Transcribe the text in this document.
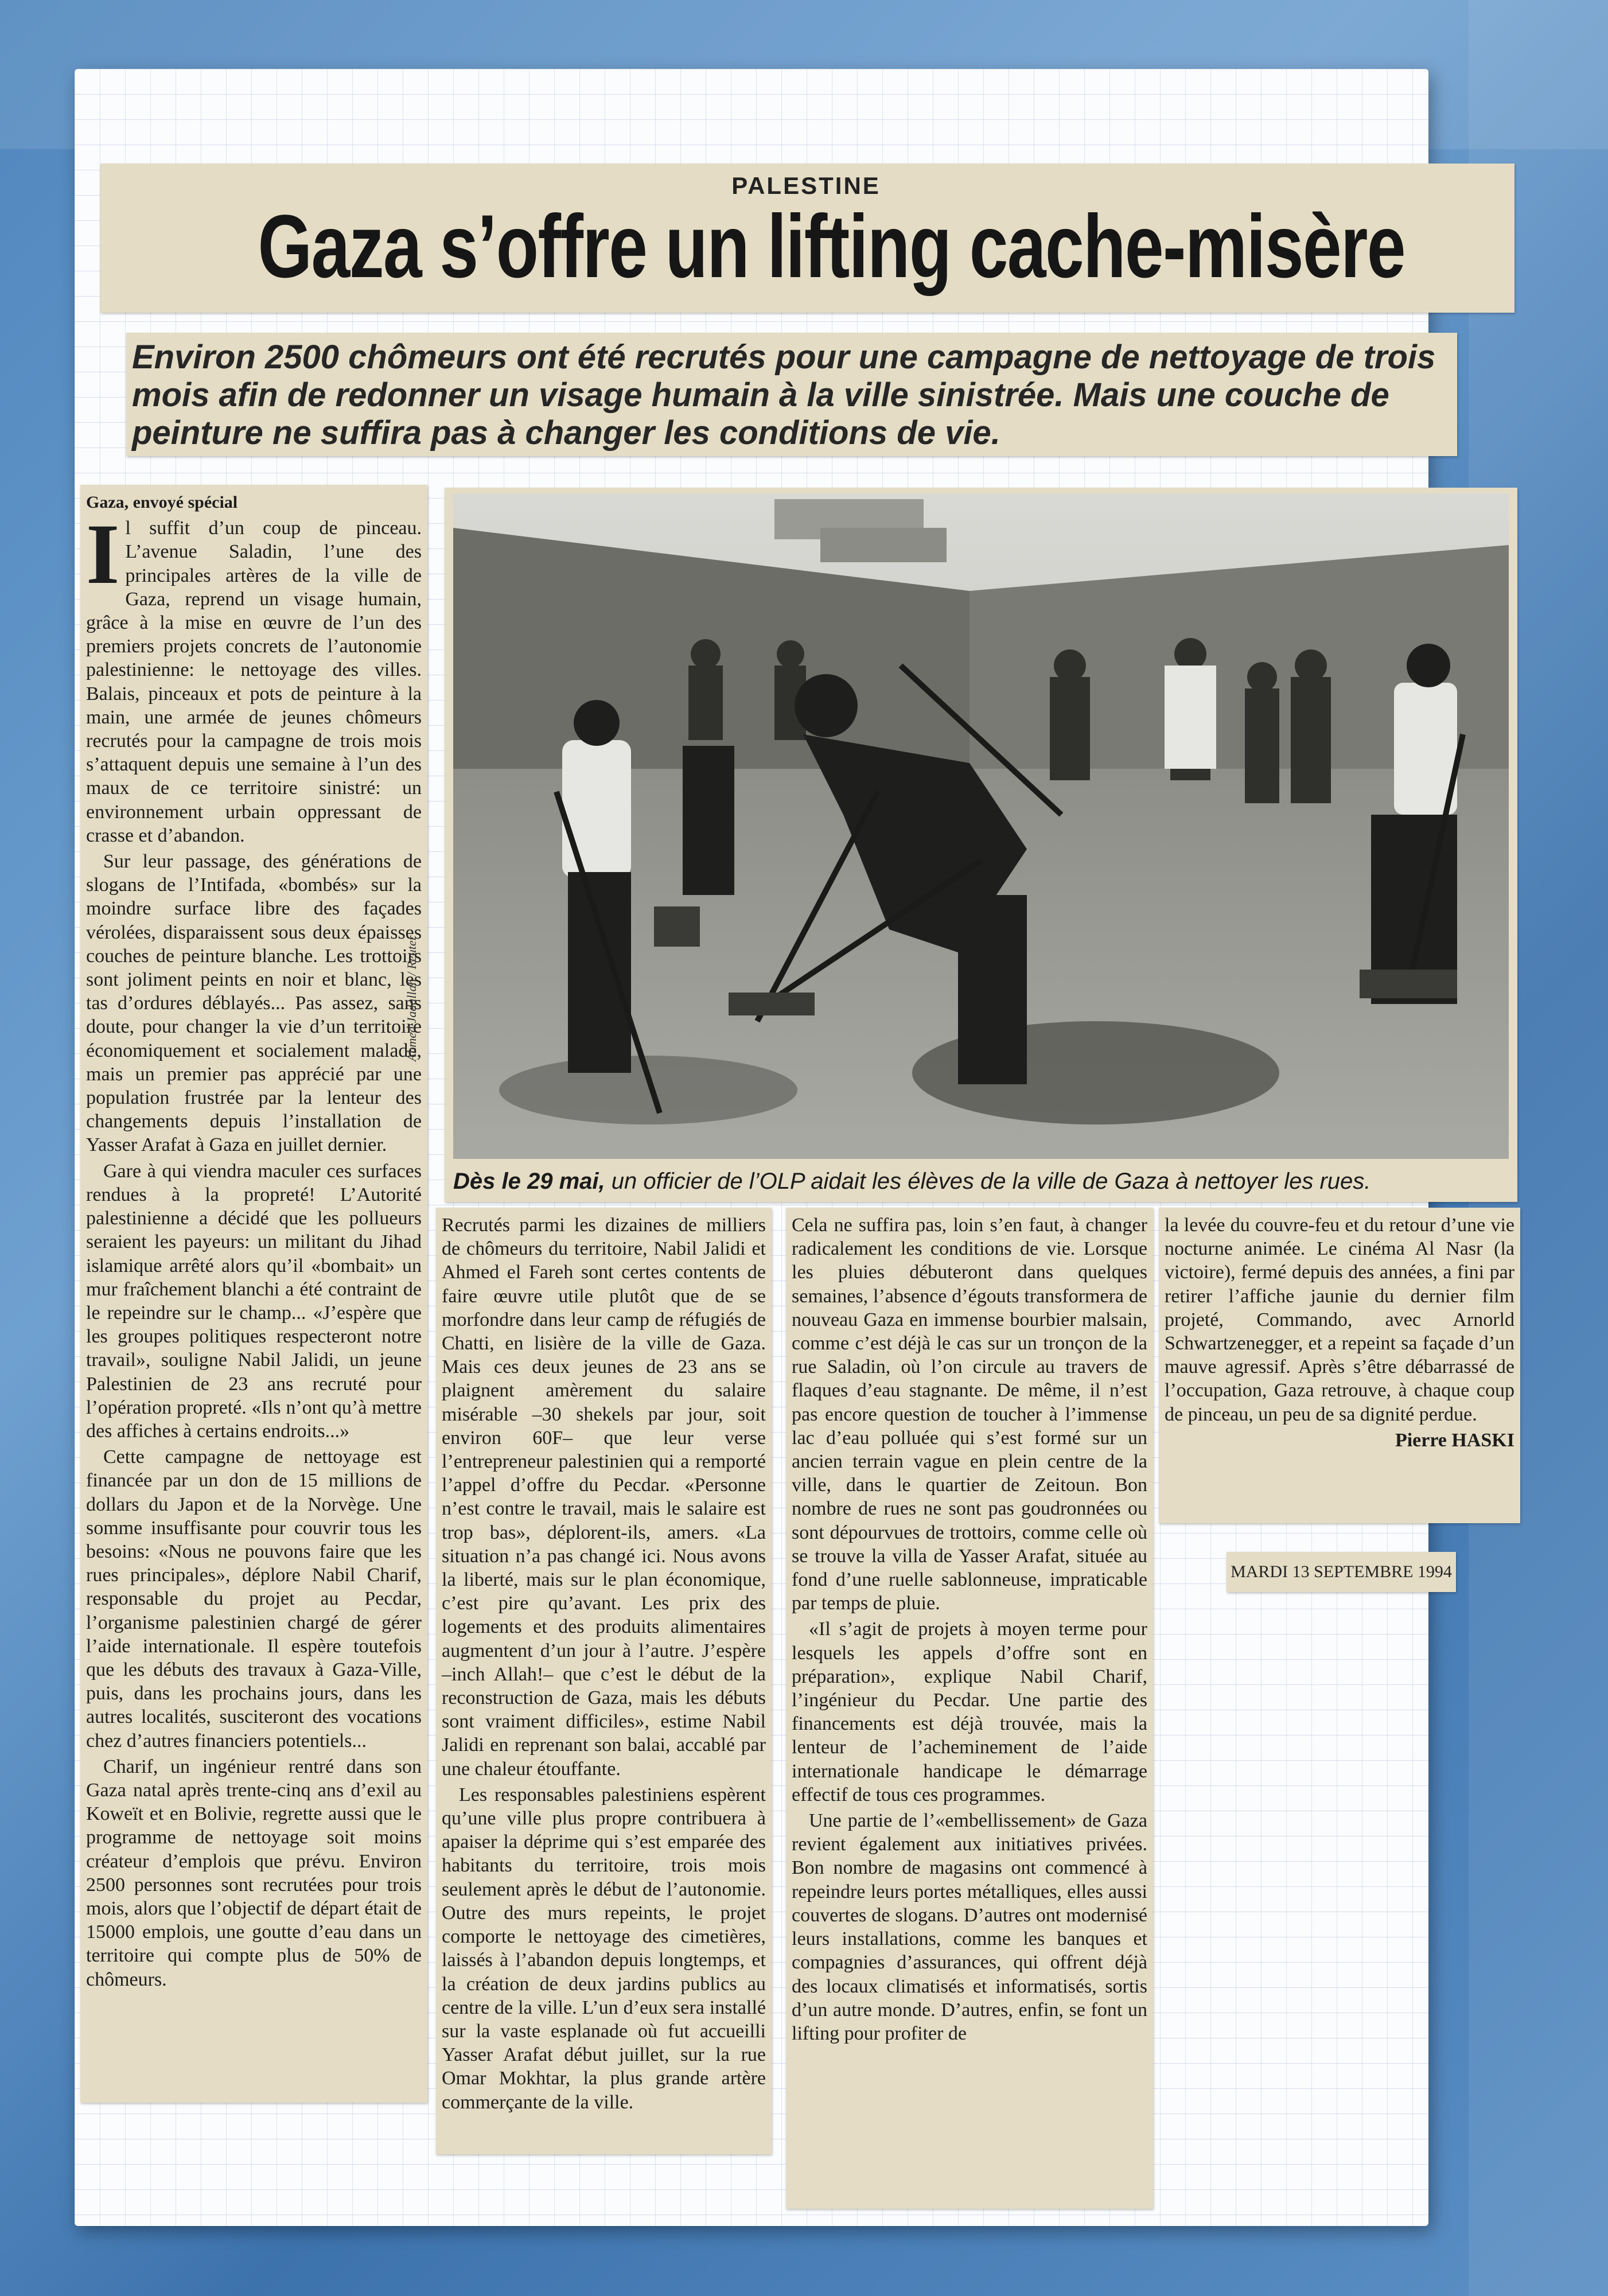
PALESTINE
Gaza s’offre un lifting cache-misère

Environ 2500 chômeurs ont été recrutés pour une campagne de nettoyage de trois mois afin de redonner un visage humain à la ville sinistrée. Mais une couche de peinture ne suffira pas à changer les conditions de vie.

Gaza, envoyé spécial

Il suffit d’un coup de pinceau. L’avenue Saladin, l’une des principales artères de la ville de Gaza, reprend un visage humain, grâce à la mise en œuvre de l’un des premiers projets concrets de l’autonomie palestinienne: le nettoyage des villes. Balais, pinceaux et pots de peinture à la main, une armée de jeunes chômeurs recrutés pour la campagne de trois mois s’attaquent depuis une semaine à l’un des maux de ce territoire sinistré: un environnement urbain oppressant de crasse et d’abandon.

Sur leur passage, des générations de slogans de l’Intifada, «bombés» sur la moindre surface libre des façades vérolées, disparaissent sous deux épaisses couches de peinture blanche. Les trottoirs sont joliment peints en noir et blanc, les tas d’ordures déblayés... Pas assez, sans doute, pour changer la vie d’un territoire économiquement et socialement malade, mais un premier pas apprécié par une population frustrée par la lenteur des changements depuis l’installation de Yasser Arafat à Gaza en juillet dernier.

Gare à qui viendra maculer ces surfaces rendues à la propreté! L’Autorité palestinienne a décidé que les pollueurs seraient les payeurs: un militant du Jihad islamique arrêté alors qu’il «bombait» un mur fraîchement blanchi a été contraint de le repeindre sur le champ... «J’espère que les groupes politiques respecteront notre travail», souligne Nabil Jalidi, un jeune Palestinien de 23 ans recruté pour l’opération propreté. «Ils n’ont qu’à mettre des affiches à certains endroits...»

Cette campagne de nettoyage est financée par un don de 15 millions de dollars du Japon et de la Norvège. Une somme insuffisante pour couvrir tous les besoins: «Nous ne pouvons faire que les rues principales», déplore Nabil Charif, responsable du projet au Pecdar, l’organisme palestinien chargé de gérer l’aide internationale. Il espère toutefois que les débuts des travaux à Gaza-Ville, puis, dans les prochains jours, dans les autres localités, susciteront des vocations chez d’autres financiers potentiels...

Charif, un ingénieur rentré dans son Gaza natal après trente-cinq ans d’exil au Koweït et en Bolivie, regrette aussi que le programme de nettoyage soit moins créateur d’emplois que prévu. Environ 2500 personnes sont recrutées pour trois mois, alors que l’objectif de départ était de 15000 emplois, une goutte d’eau dans un territoire qui compte plus de 50% de chômeurs.

Ahmed Jadallah / Reuter

Dès le 29 mai, un officier de l’OLP aidait les élèves de la ville de Gaza à nettoyer les rues.

Recrutés parmi les dizaines de milliers de chômeurs du territoire, Nabil Jalidi et Ahmed el Fareh sont certes contents de faire œuvre utile plutôt que de se morfondre dans leur camp de réfugiés de Chatti, en lisière de la ville de Gaza. Mais ces deux jeunes de 23 ans se plaignent amèrement du salaire misérable –30 shekels par jour, soit environ 60F– que leur verse l’entrepreneur palestinien qui a remporté l’appel d’offre du Pecdar. «Personne n’est contre le travail, mais le salaire est trop bas», déplorent-ils, amers. «La situation n’a pas changé ici. Nous avons la liberté, mais sur le plan économique, c’est pire qu’avant. Les prix des logements et des produits alimentaires augmentent d’un jour à l’autre. J’espère –inch Allah!– que c’est le début de la reconstruction de Gaza, mais les débuts sont vraiment difficiles», estime Nabil Jalidi en reprenant son balai, accablé par une chaleur étouffante.

Les responsables palestiniens espèrent qu’une ville plus propre contribuera à apaiser la déprime qui s’est emparée des habitants du territoire, trois mois seulement après le début de l’autonomie. Outre des murs repeints, le projet comporte le nettoyage des cimetières, laissés à l’abandon depuis longtemps, et la création de deux jardins publics au centre de la ville. L’un d’eux sera installé sur la vaste esplanade où fut accueilli Yasser Arafat début juillet, sur la rue Omar Mokhtar, la plus grande artère commerçante de la ville.

Cela ne suffira pas, loin s’en faut, à changer radicalement les conditions de vie. Lorsque les pluies débuteront dans quelques semaines, l’absence d’égouts transformera de nouveau Gaza en immense bourbier malsain, comme c’est déjà le cas sur un tronçon de la rue Saladin, où l’on circule au travers de flaques d’eau stagnante. De même, il n’est pas encore question de toucher à l’immense lac d’eau polluée qui s’est formé sur un ancien terrain vague en plein centre de la ville, dans le quartier de Zeitoun. Bon nombre de rues ne sont pas goudronnées ou sont dépourvues de trottoirs, comme celle où se trouve la villa de Yasser Arafat, située au fond d’une ruelle sablonneuse, impraticable par temps de pluie.

«Il s’agit de projets à moyen terme pour lesquels les appels d’offre sont en préparation», explique Nabil Charif, l’ingénieur du Pecdar. Une partie des financements est déjà trouvée, mais la lenteur de l’acheminement de l’aide internationale handicape le démarrage effectif de tous ces programmes.

Une partie de l’«embellissement» de Gaza revient également aux initiatives privées. Bon nombre de magasins ont commencé à repeindre leurs portes métalliques, elles aussi couvertes de slogans. D’autres ont modernisé leurs installations, comme les banques et compagnies d’assurances, qui offrent déjà des locaux climatisés et informatisés, sortis d’un autre monde. D’autres, enfin, se font un lifting pour profiter de

la levée du couvre-feu et du retour d’une vie nocturne animée. Le cinéma Al Nasr (la victoire), fermé depuis des années, a fini par retirer l’affiche jaunie du dernier film projeté, Commando, avec Arnorld Schwartzenegger, et a repeint sa façade d’un mauve agressif. Après s’être débarrassé de l’occupation, Gaza retrouve, à chaque coup de pinceau, un peu de sa dignité perdue.

Pierre HASKI
MARDI 13 SEPTEMBRE 1994
